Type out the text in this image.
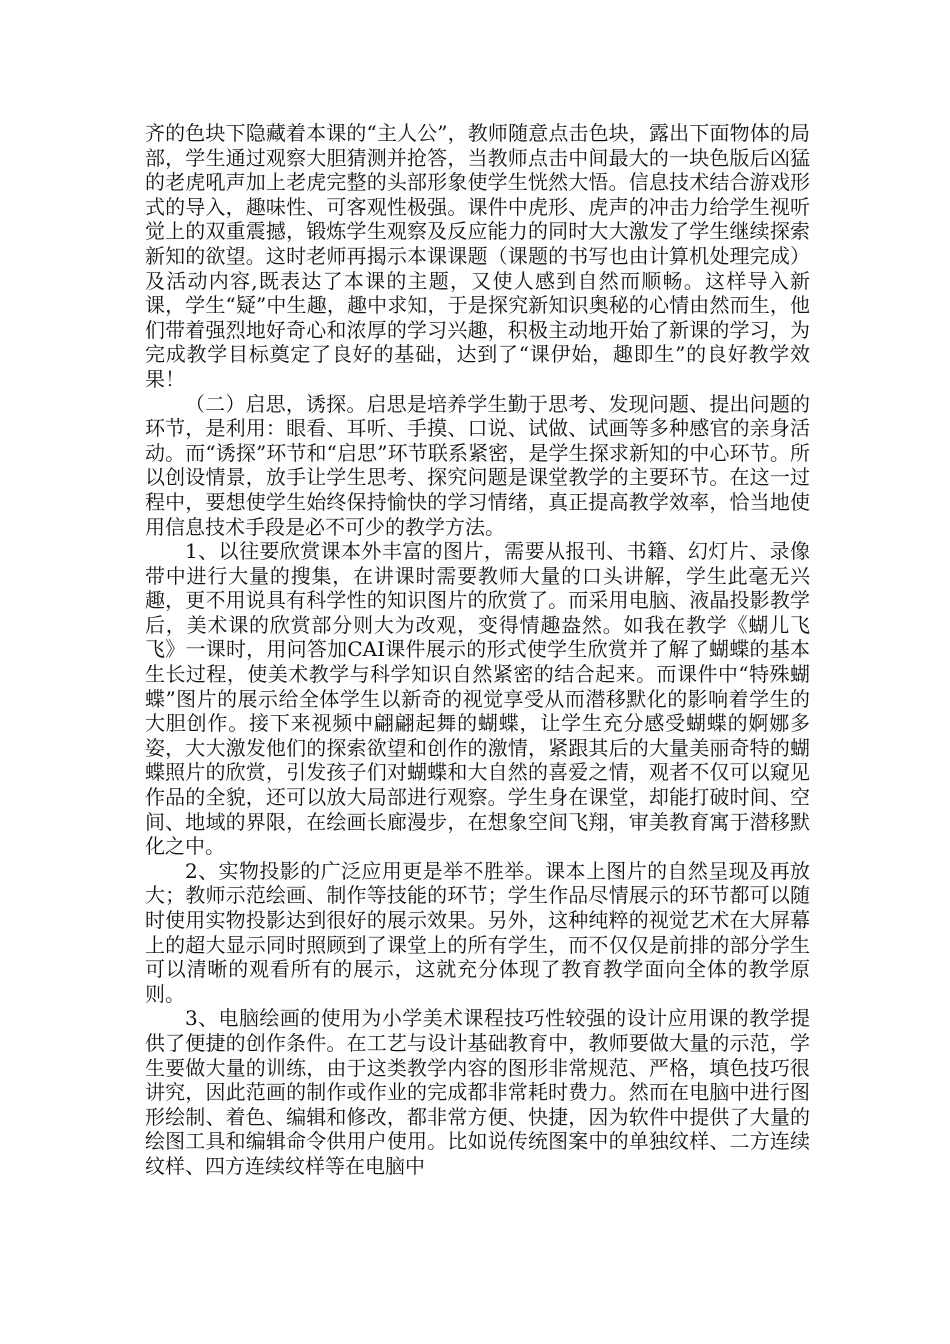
齐的色块下隐藏着本课的“主人公”，教师随意点击色块，露出下面物体的局部，学生通过观察大胆猜测并抢答，当教师点击中间最大的一块色版后凶猛的老虎吼声加上老虎完整的头部形象使学生恍然大悟。信息技术结合游戏形式的导入，趣味性、可客观性极强。课件中虎形、虎声的冲击力给学生视听觉上的双重震撼，锻炼学生观察及反应能力的同时大大激发了学生继续探索新知的欲望。这时老师再揭示本课课题（课题的书写也由计算机处理完成）及活动内容,既表达了本课的主题，又使人感到自然而顺畅。这样导入新课，学生“疑”中生趣，趣中求知，于是探究新知识奥秘的心情由然而生，他们带着强烈地好奇心和浓厚的学习兴趣，积极主动地开始了新课的学习，为完成教学目标奠定了良好的基础，达到了“课伊始，趣即生”的良好教学效果！

（二）启思，诱探。启思是培养学生勤于思考、发现问题、提出问题的环节，是利用：眼看、耳听、手摸、口说、试做、试画等多种感官的亲身活动。而“诱探”环节和“启思”环节联系紧密，是学生探求新知的中心环节。所以创设情景，放手让学生思考、探究问题是课堂教学的主要环节。在这一过程中，要想使学生始终保持愉快的学习情绪，真正提高教学效率，恰当地使用信息技术手段是必不可少的教学方法。

1、以往要欣赏课本外丰富的图片，需要从报刊、书籍、幻灯片、录像带中进行大量的搜集，在讲课时需要教师大量的口头讲解，学生此毫无兴趣，更不用说具有科学性的知识图片的欣赏了。而采用电脑、液晶投影教学后，美术课的欣赏部分则大为改观，变得情趣盎然。如我在教学《蝴儿飞飞》一课时，用问答加CAI课件展示的形式使学生欣赏并了解了蝴蝶的基本生长过程，使美术教学与科学知识自然紧密的结合起来。而课件中“特殊蝴蝶”图片的展示给全体学生以新奇的视觉享受从而潜移默化的影响着学生的大胆创作。接下来视频中翩翩起舞的蝴蝶，让学生充分感受蝴蝶的婀娜多姿，大大激发他们的探索欲望和创作的激情，紧跟其后的大量美丽奇特的蝴蝶照片的欣赏，引发孩子们对蝴蝶和大自然的喜爱之情，观者不仅可以窥见作品的全貌，还可以放大局部进行观察。学生身在课堂，却能打破时间、空间、地域的界限，在绘画长廊漫步，在想象空间飞翔，审美教育寓于潜移默化之中。

2、实物投影的广泛应用更是举不胜举。课本上图片的自然呈现及再放大；教师示范绘画、制作等技能的环节；学生作品尽情展示的环节都可以随时使用实物投影达到很好的展示效果。另外，这种纯粹的视觉艺术在大屏幕上的超大显示同时照顾到了课堂上的所有学生，而不仅仅是前排的部分学生可以清晰的观看所有的展示，这就充分体现了教育教学面向全体的教学原则。

3、电脑绘画的使用为小学美术课程技巧性较强的设计应用课的教学提供了便捷的创作条件。在工艺与设计基础教育中，教师要做大量的示范，学生要做大量的训练，由于这类教学内容的图形非常规范、严格，填色技巧很讲究，因此范画的制作或作业的完成都非常耗时费力。然而在电脑中进行图形绘制、着色、编辑和修改，都非常方便、快捷，因为软件中提供了大量的绘图工具和编辑命令供用户使用。比如说传统图案中的单独纹样、二方连续纹样、四方连续纹样等在电脑中
